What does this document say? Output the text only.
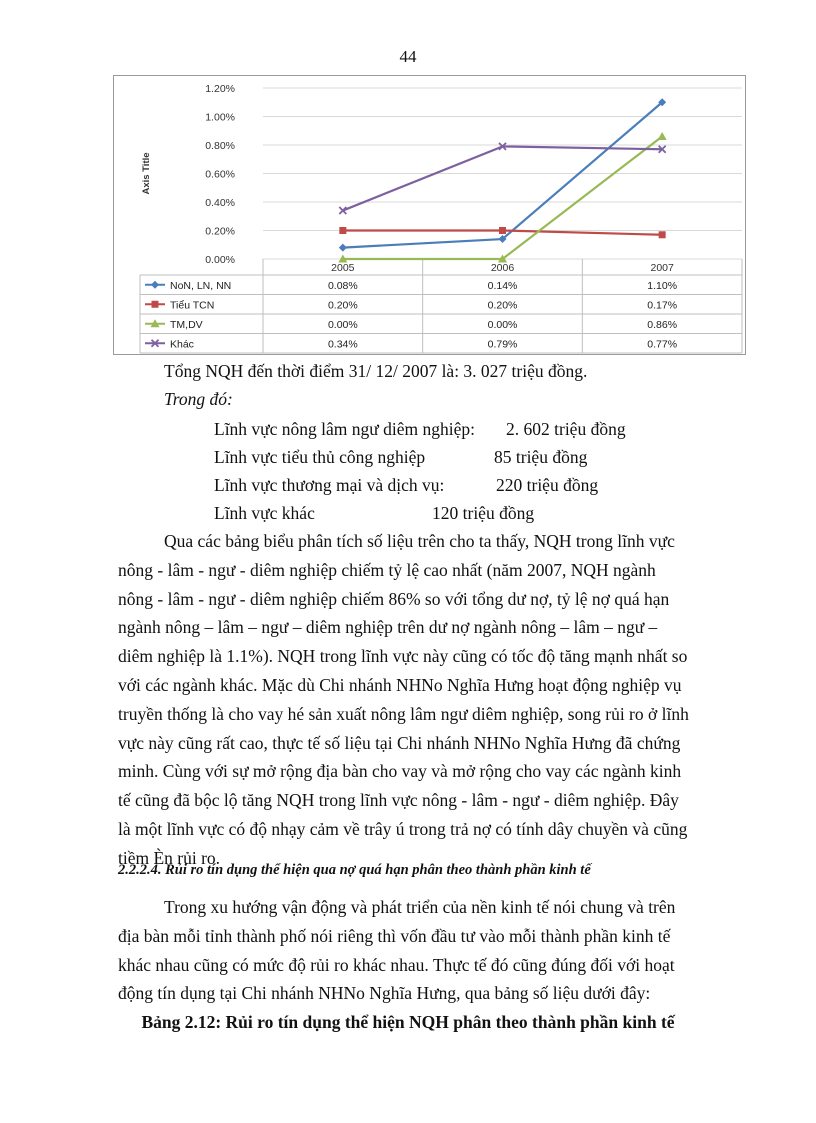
44
0.00%
0.20%
0.40%
0.60%
0.80%
1.00%
1.20%
Axis Title
2005	2006	2007
NoN, LN, NN	0.08%	0.14%	1.10%
Tiểu TCN	0.20%	0.20%	0.17%
TM,DV	0.00%	0.00%	0.86%
Khác	0.34%	0.79%	0.77%
Tổng NQH đến thời điểm 31/ 12/ 2007 là: 3. 027 triệu đồng.
Trong đó:
Lĩnh vực nông lâm ngư diêm nghiệp: 2. 602 triệu đồng
Lĩnh vực tiểu thủ công nghiệp	85 triệu đồng
Lĩnh vực thương mại và dịch vụ:	220 triệu đồng
Lĩnh vực khác	120 triệu đồng
Qua các bảng biểu phân tích số liệu trên cho ta thấy, NQH trong lĩnh vực
nông - lâm - ngư - diêm nghiệp chiếm tỷ lệ cao nhất (năm 2007, NQH ngành
nông - lâm - ngư - diêm nghiệp chiếm 86% so với tổng dư nợ, tỷ lệ nợ quá hạn
ngành nông – lâm – ngư – diêm nghiệp trên dư nợ ngành nông – lâm – ngư –
diêm nghiệp là 1.1%). NQH trong lĩnh vực này cũng có tốc độ tăng mạnh nhất so
với các ngành khác. Mặc dù Chi nhánh NHNo Nghĩa Hưng hoạt động nghiệp vụ
truyền thống là cho vay hé sản xuất nông lâm ngư diêm nghiệp, song rủi ro ở lĩnh
vực này cũng rất cao, thực tế số liệu tại Chi nhánh NHNo Nghĩa Hưng đã chứng
minh. Cùng với sự mở rộng địa bàn cho vay và mở rộng cho vay các ngành kinh
tế cũng đã bộc lộ tăng NQH trong lĩnh vực nông - lâm - ngư - diêm nghiệp. Đây
là một lĩnh vực có độ nhạy cảm về trây ú trong trả nợ có tính dây chuyền và cũng
tiềm Èn rủi ro.
2.2.2.4. Rủi ro tín dụng thể hiện qua nợ quá hạn phân theo thành phần kinh tế
Trong xu hướng vận động và phát triển của nền kinh tế nói chung và trên
địa bàn mỗi tỉnh thành phố nói riêng thì vốn đầu tư vào mỗi thành phần kinh tế
khác nhau cũng có mức độ rủi ro khác nhau. Thực tế đó cũng đúng đối với hoạt
động tín dụng tại Chi nhánh NHNo Nghĩa Hưng, qua bảng số liệu dưới đây:
Bảng 2.12: Rủi ro tín dụng thể hiện NQH phân theo thành phần kinh tế
